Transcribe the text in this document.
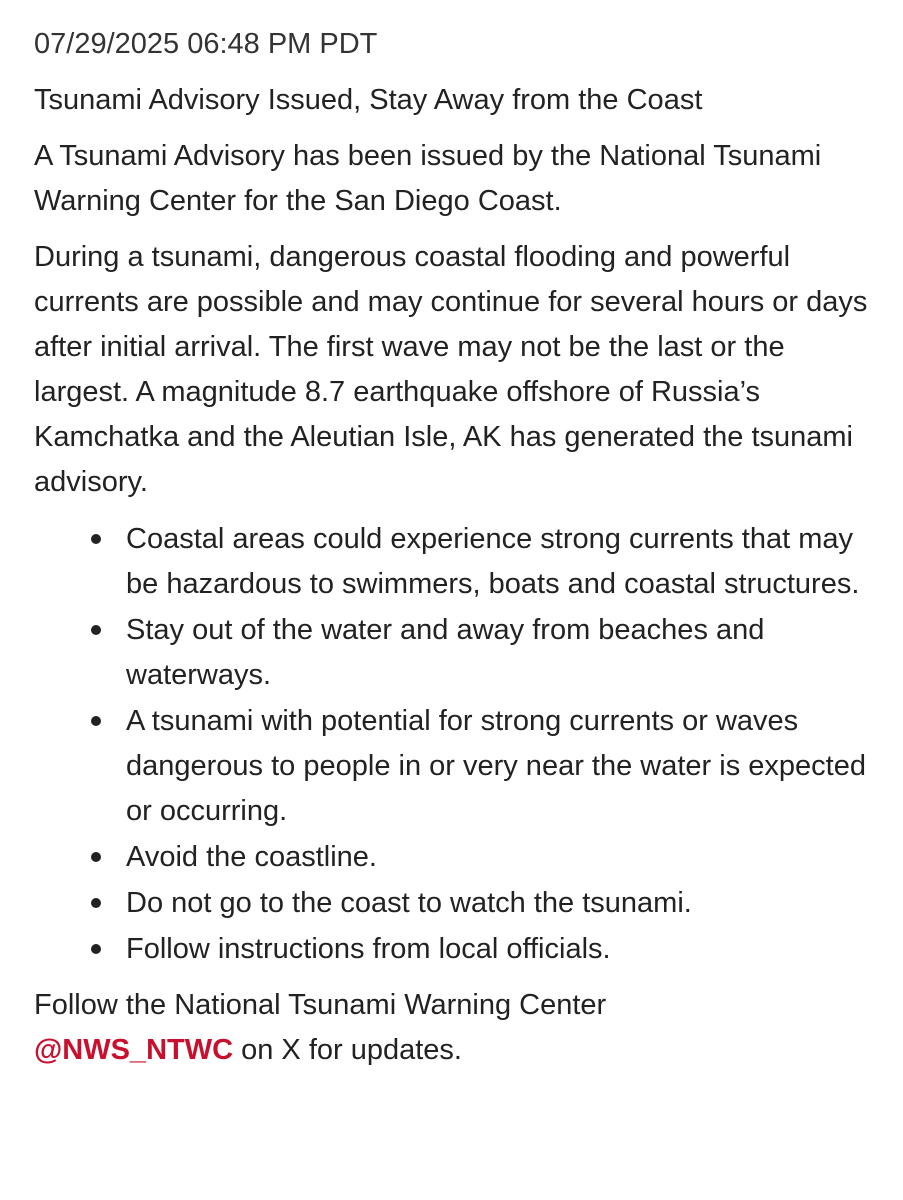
07/29/2025 06:48 PM PDT
Tsunami Advisory Issued, Stay Away from the Coast

A Tsunami Advisory has been issued by the National Tsunami Warning Center for the San Diego Coast.

During a tsunami, dangerous coastal flooding and powerful currents are possible and may continue for several hours or days after initial arrival. The first wave may not be the last or the largest. A magnitude 8.7 earthquake offshore of Russia’s Kamchatka and the Aleutian Isle, AK has generated the tsunami advisory.

Coastal areas could experience strong currents that may be hazardous to swimmers, boats and coastal structures.
Stay out of the water and away from beaches and waterways.
A tsunami with potential for strong currents or waves dangerous to people in or very near the water is expected or occurring.
Avoid the coastline.
Do not go to the coast to watch the tsunami.
Follow instructions from local officials.

Follow the National Tsunami Warning Center
@NWS_NTWC on X for updates.
